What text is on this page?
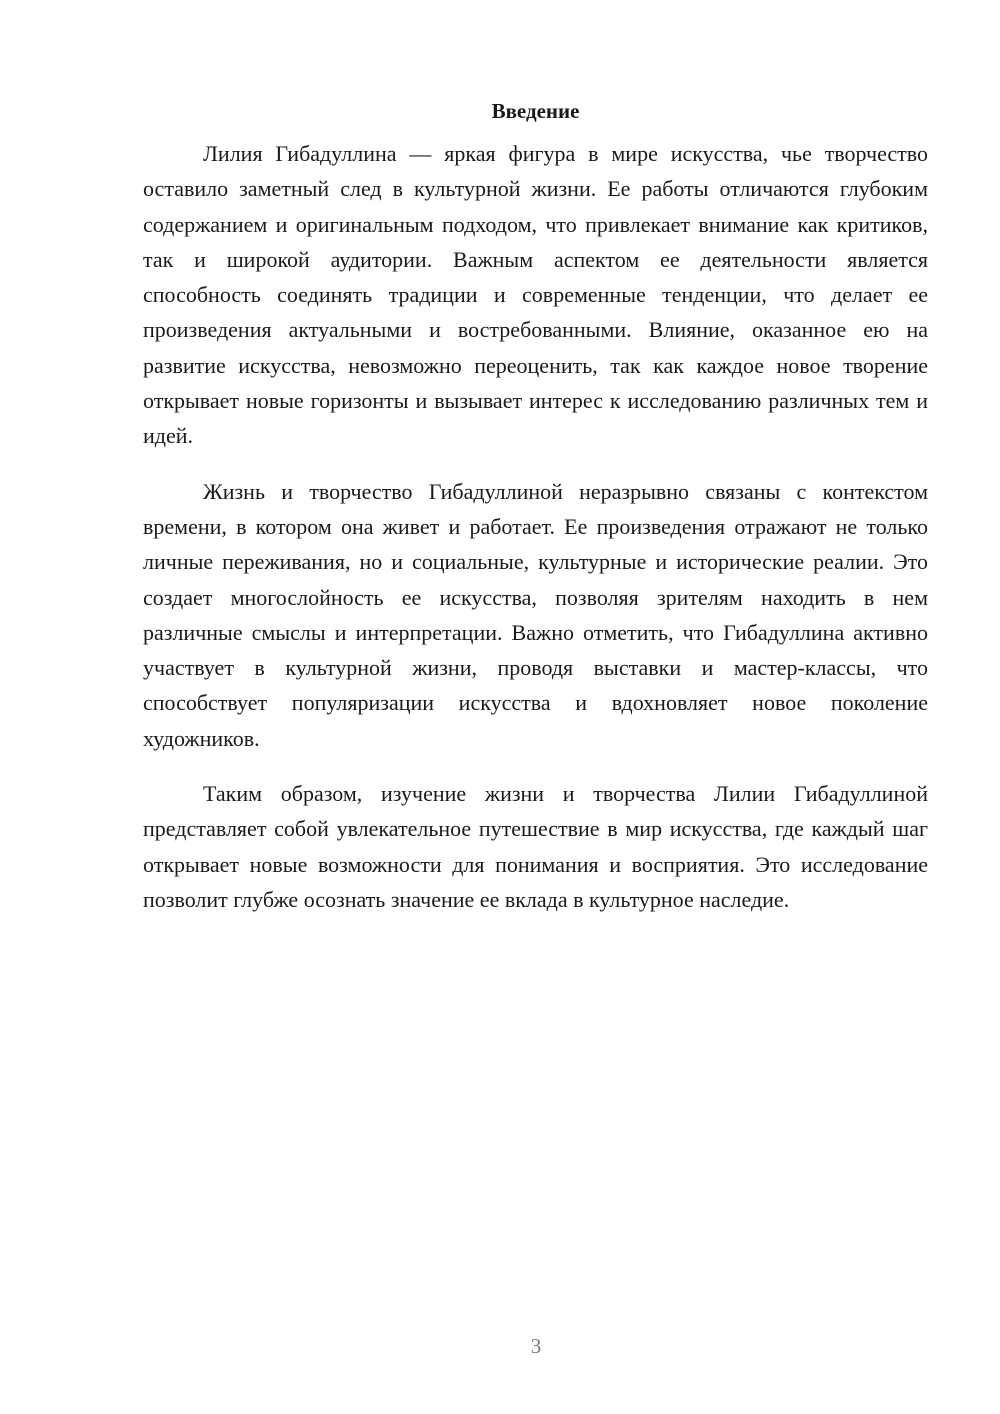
Введение

Лилия Гибадуллина — яркая фигура в мире искусства, чье творчество оставило заметный след в культурной жизни. Ее работы отличаются глубоким содержанием и оригинальным подходом, что привлекает внимание как критиков, так и широкой аудитории. Важным аспектом ее деятельности является способность соединять традиции и современные тенденции, что делает ее произведения актуальными и востребованными. Влияние, оказанное ею на развитие искусства, невозможно переоценить, так как каждое новое творение открывает новые горизонты и вызывает интерес к исследованию различных тем и идей.

Жизнь и творчество Гибадуллиной неразрывно связаны с контекстом времени, в котором она живет и работает. Ее произведения отражают не только личные переживания, но и социальные, культурные и исторические реалии. Это создает многослойность ее искусства, позволяя зрителям находить в нем различные смыслы и интерпретации. Важно отметить, что Гибадуллина активно участвует в культурной жизни, проводя выставки и мастер-классы, что способствует популяризации искусства и вдохновляет новое поколение художников.

Таким образом, изучение жизни и творчества Лилии Гибадуллиной представляет собой увлекательное путешествие в мир искусства, где каждый шаг открывает новые возможности для понимания и восприятия. Это исследование позволит глубже осознать значение ее вклада в культурное наследие.

3
